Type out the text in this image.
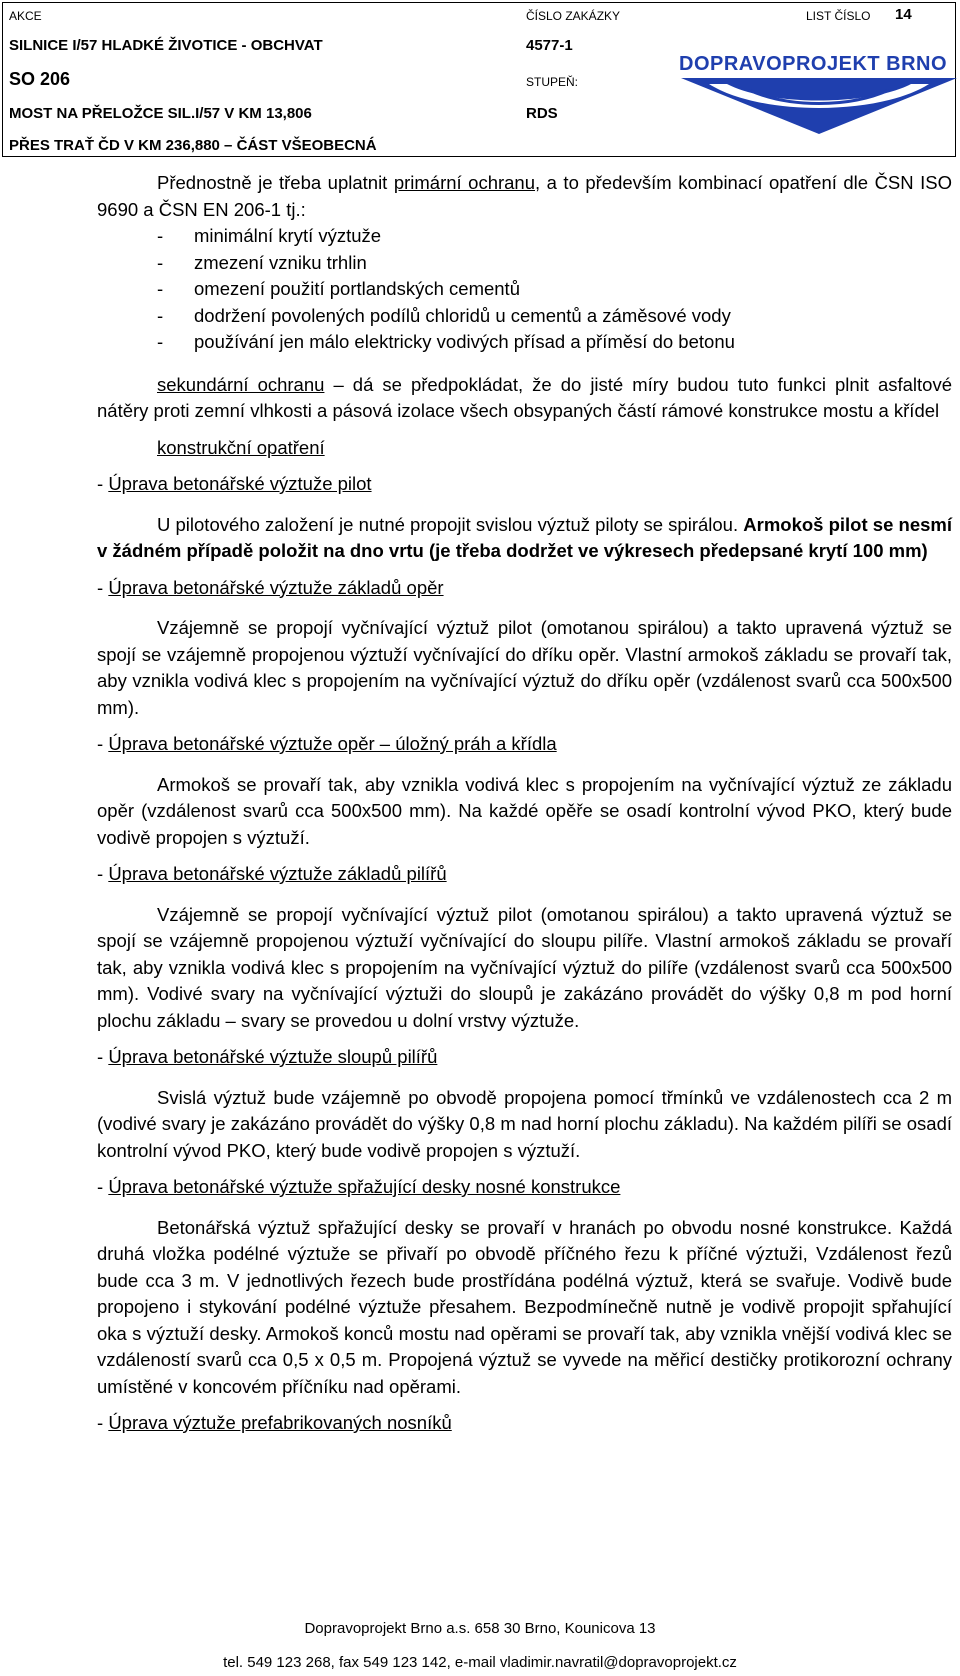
AKCE	ČÍSLO ZAKÁZKY	LIST ČÍSLO 14
SILNICE I/57 HLADKÉ ŽIVOTICE - OBCHVAT	4577-1
SO 206	STUPEŇ:
MOST NA PŘELOŽCE SIL.I/57 V KM 13,806	RDS
PŘES TRAŤ ČD V KM 236,880 – ČÁST VŠEOBECNÁ
DOPRAVOPROJEKT BRNO

Přednostně je třeba uplatnit primární ochranu, a to především kombinací opatření dle ČSN ISO 9690 a ČSN EN 206-1 tj.:

- minimální krytí výztuže
- zmezení vzniku trhlin
- omezení použití portlandských cementů
- dodržení povolených podílů chloridů u cementů a záměsové vody
- používání jen málo elektricky vodivých přísad a příměsí do betonu

sekundární ochranu – dá se předpokládat, že do jisté míry budou tuto funkci plnit asfaltové nátěry proti zemní vlhkosti a pásová izolace všech obsypaných částí rámové konstrukce mostu a křídel

konstrukční opatření

- Úprava betonářské výztuže pilot

U pilotového založení je nutné propojit svislou výztuž piloty se spirálou. Armokoš pilot se nesmí v žádném případě položit na dno vrtu (je třeba dodržet ve výkresech předepsané krytí 100 mm)

- Úprava betonářské výztuže základů opěr

Vzájemně se propojí vyčnívající výztuž pilot (omotanou spirálou) a takto upravená výztuž se spojí se vzájemně propojenou výztuží vyčnívající do dříku opěr. Vlastní armokoš základu se provaří tak, aby vznikla vodivá klec s propojením na vyčnívající výztuž do dříku opěr (vzdálenost svarů cca 500x500 mm).

- Úprava betonářské výztuže opěr – úložný práh a křídla

Armokoš se provaří tak, aby vznikla vodivá klec s propojením na vyčnívající výztuž ze základu opěr (vzdálenost svarů cca 500x500 mm). Na každé opěře se osadí kontrolní vývod PKO, který bude vodivě propojen s výztuží.

- Úprava betonářské výztuže základů pilířů

Vzájemně se propojí vyčnívající výztuž pilot (omotanou spirálou) a takto upravená výztuž se spojí se vzájemně propojenou výztuží vyčnívající do sloupu pilíře. Vlastní armokoš základu se provaří tak, aby vznikla vodivá klec s propojením na vyčnívající výztuž do pilíře (vzdálenost svarů cca 500x500 mm). Vodivé svary na vyčnívající výztuži do sloupů je zakázáno provádět do výšky 0,8 m pod horní plochu základu – svary se provedou u dolní vrstvy výztuže.

- Úprava betonářské výztuže sloupů pilířů

Svislá výztuž bude vzájemně po obvodě propojena pomocí třmínků ve vzdálenostech cca 2 m (vodivé svary je zakázáno provádět do výšky 0,8 m nad horní plochu základu). Na každém pilíři se osadí kontrolní vývod PKO, který bude vodivě propojen s výztuží.

- Úprava betonářské výztuže spřažující desky nosné konstrukce

Betonářská výztuž spřažující desky se provaří v hranách po obvodu nosné konstrukce. Každá druhá vložka podélné výztuže se přivaří po obvodě příčného řezu k příčné výztuži, Vzdálenost řezů bude cca 3 m. V jednotlivých řezech bude prostřídána podélná výztuž, která se svařuje. Vodivě bude propojeno i stykování podélné výztuže přesahem. Bezpodmínečně nutně je vodivě propojit spřahující oka s výztuží desky. Armokoš konců mostu nad opěrami se provaří tak, aby vznikla vnější vodivá klec se vzdáleností svarů cca 0,5 x 0,5 m. Propojená výztuž se vyvede na měřicí destičky protikorozní ochrany umístěné v koncovém příčníku nad opěrami.

- Úprava výztuže prefabrikovaných nosníků

Dopravoprojekt Brno a.s. 658 30 Brno, Kounicova 13
tel. 549 123 268, fax 549 123 142, e-mail vladimir.navratil@dopravoprojekt.cz
